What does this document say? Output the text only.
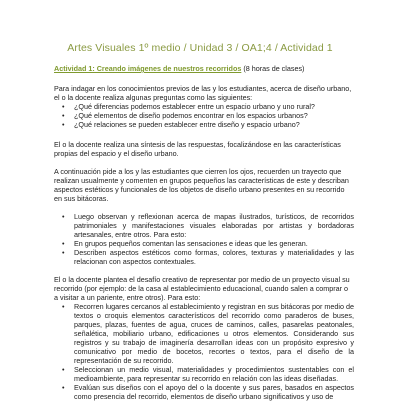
Artes Visuales 1º medio / Unidad 3 / OA1;4 / Actividad 1

Actividad 1: Creando imágenes de nuestros recorridos (8 horas de clases)

Para indagar en los conocimientos previos de las y los estudiantes, acerca de diseño urbano, el o la docente realiza algunas preguntas como las siguientes:

• ¿Qué diferencias podemos establecer entre un espacio urbano y uno rural?
• ¿Qué elementos de diseño podemos encontrar en los espacios urbanos?
• ¿Qué relaciones se pueden establecer entre diseño y espacio urbano?

El o la docente realiza una síntesis de las respuestas, focalizándose en las características propias del espacio y el diseño urbano.

A continuación pide a los y las estudiantes que cierren los ojos, recuerden un trayecto que realizan usualmente y comenten en grupos pequeños las características de este y describan aspectos estéticos y funcionales de los objetos de diseño urbano presentes en su recorrido en sus bitácoras.

• Luego observan y reflexionan acerca de mapas ilustrados, turísticos, de recorridos patrimoniales y manifestaciones visuales elaboradas por artistas y bordadoras artesanales, entre otros. Para esto:
• En grupos pequeños comentan las sensaciones e ideas que les generan.
• Describen aspectos estéticos como formas, colores, texturas y materialidades y las relacionan con aspectos contextuales.

El o la docente plantea el desafío creativo de representar por medio de un proyecto visual su recorrido (por ejemplo: de la casa al establecimiento educacional, cuando salen a comprar o a visitar a un pariente, entre otros). Para esto:

• Recorren lugares cercanos al establecimiento y registran en sus bitácoras por medio de textos o croquis elementos característicos del recorrido como paraderos de buses, parques, plazas, fuentes de agua, cruces de caminos, calles, pasarelas peatonales, señalética, mobiliario urbano, edificaciones u otros elementos. Considerando sus registros y su trabajo de imaginería desarrollan ideas con un propósito expresivo y comunicativo por medio de bocetos, recortes o textos, para el diseño de la representación de su recorrido.
• Seleccionan un medio visual, materialidades y procedimientos sustentables con el medioambiente, para representar su recorrido en relación con las ideas diseñadas.
• Evalúan sus diseños con el apoyo del o la docente y sus pares, basados en aspectos como presencia del recorrido, elementos de diseño urbano significativos y uso de
